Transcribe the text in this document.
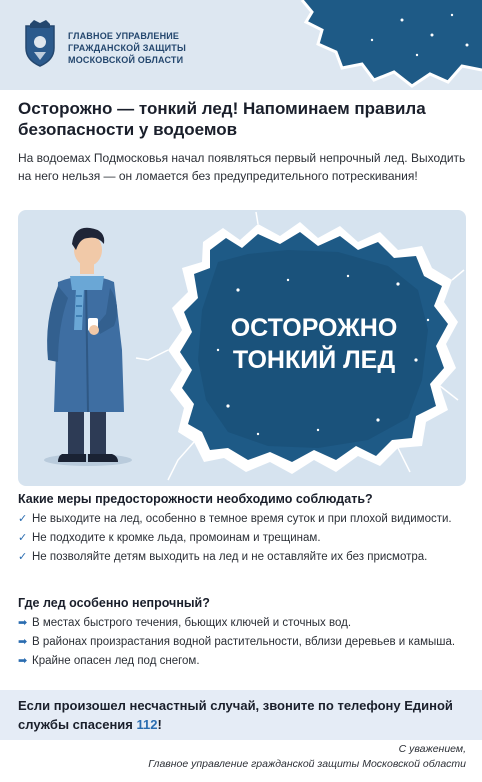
ГЛАВНОЕ УПРАВЛЕНИЕ
ГРАЖДАНСКОЙ ЗАЩИТЫ
МОСКОВСКОЙ ОБЛАСТИ
Осторожно — тонкий лед! Напоминаем правила безопасности у водоемов
На водоемах Подмосковья начал появляться первый непрочный лед. Выходить на него нельзя — он ломается без предупредительного потрескивания!
ОСТОРОЖНО
ТОНКИЙ ЛЕД
Какие меры предосторожности необходимо соблюдать?
✓ Не выходите на лед, особенно в темное время суток и при плохой видимости.
✓ Не подходите к кромке льда, промоинам и трещинам.
✓ Не позволяйте детям выходить на лед и не оставляйте их без присмотра.
Где лед особенно непрочный?
➡ В местах быстрого течения, бьющих ключей и сточных вод.
➡ В районах произрастания водной растительности, вблизи деревьев и камыша.
➡ Крайне опасен лед под снегом.
Если произошел несчастный случай, звоните по телефону Единой службы спасения 112!
С уважением,
Главное управление гражданской защиты Московской области
